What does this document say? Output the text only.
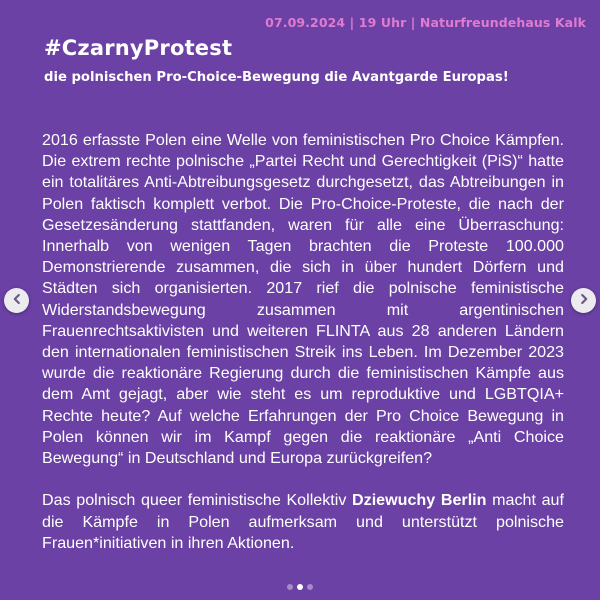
07.09.2024 | 19 Uhr | Naturfreundehaus Kalk
#CzarnyProtest
die polnischen Pro-Choice-Bewegung die Avantgarde Europas!

2016 erfasste Polen eine Welle von feministischen Pro Choice Kämpfen. Die extrem rechte polnische „Partei Recht und Gerechtigkeit (PiS)“ hatte ein totalitäres Anti-Abtreibungsgesetz durchgesetzt, das Abtreibungen in Polen faktisch komplett verbot. Die Pro-Choice-Proteste, die nach der Gesetzesänderung stattfanden, waren für alle eine Überraschung: Innerhalb von wenigen Tagen brachten die Proteste 100.000 Demonstrierende zusammen, die sich in über hundert Dörfern und Städten sich organisierten. 2017 rief die polnische feministische Widerstandsbewegung zusammen mit argentinischen Frauenrechtsaktivisten und weiteren FLINTA aus 28 anderen Ländern den internationalen feministischen Streik ins Leben. Im Dezember 2023 wurde die reaktionäre Regierung durch die feministischen Kämpfe aus dem Amt gejagt, aber wie steht es um reproduktive und LGBTQIA+ Rechte heute? Auf welche Erfahrungen der Pro Choice Bewegung in Polen können wir im Kampf gegen die reaktionäre „Anti Choice Bewegung“ in Deutschland und Europa zurückgreifen?

Das polnisch queer feministische Kollektiv Dziewuchy Berlin macht auf die Kämpfe in Polen aufmerksam und unterstützt polnische Frauen*initiativen in ihren Aktionen.
